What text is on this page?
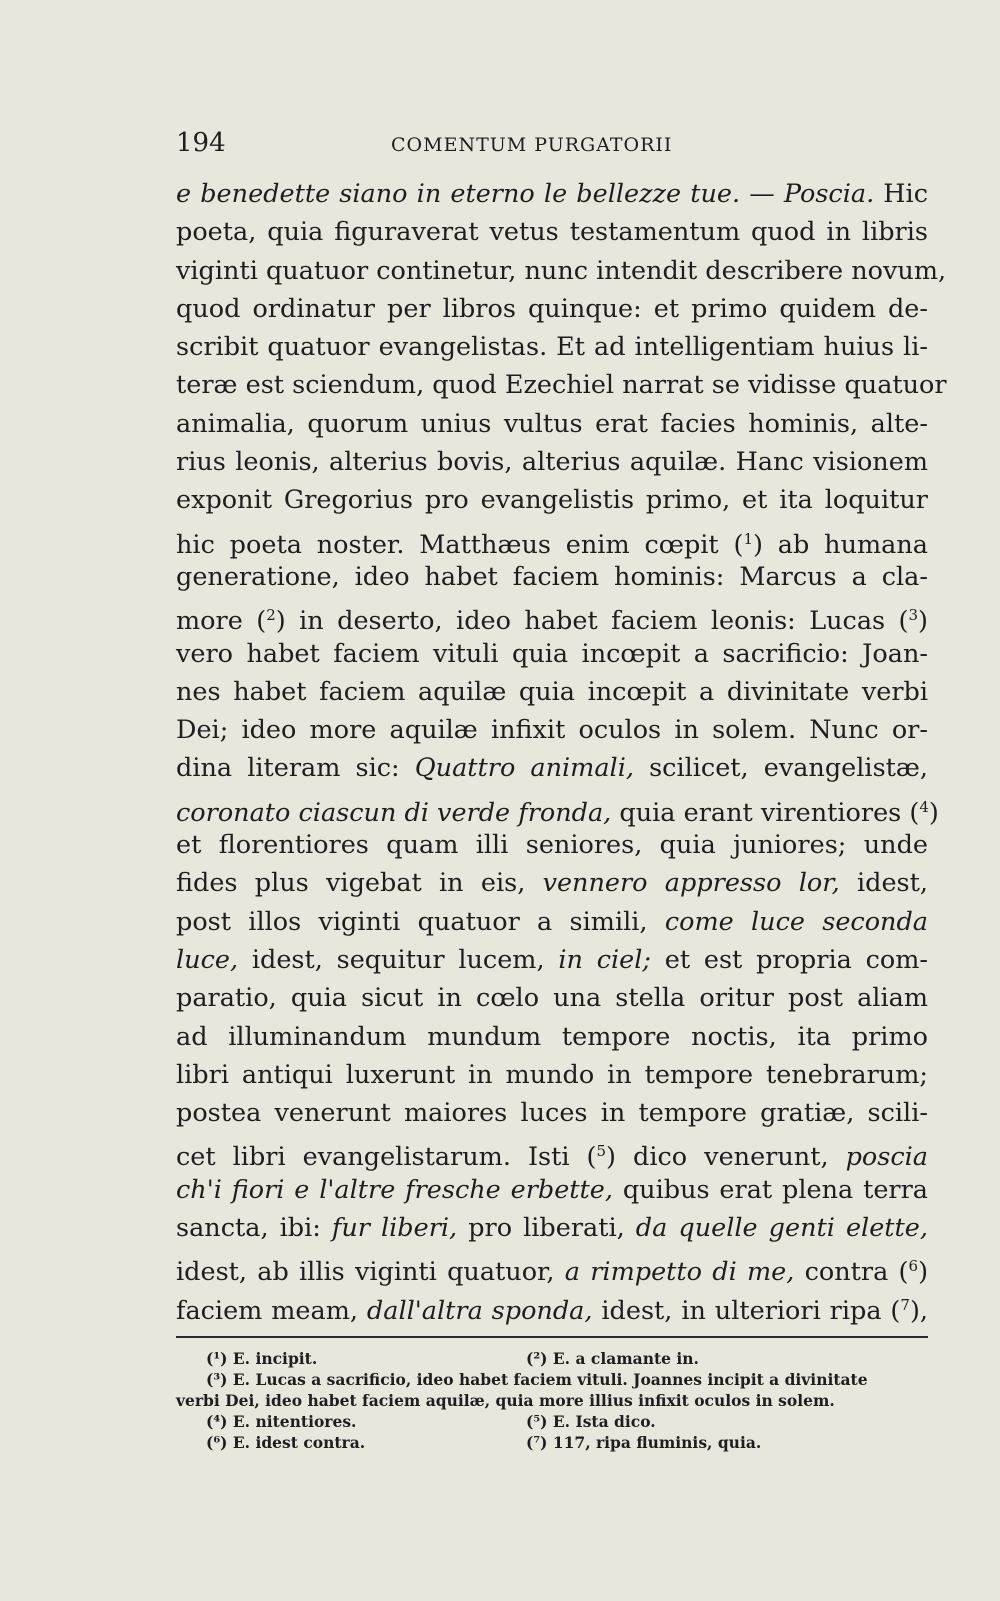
194	COMENTUM PURGATORII
e benedette siano in eterno le bellezze tue. — Poscia. Hic
poeta, quia figuraverat vetus testamentum quod in libris
viginti quatuor continetur, nunc intendit describere novum,
quod ordinatur per libros quinque: et primo quidem de-
scribit quatuor evangelistas. Et ad intelligentiam huius li-
teræ est sciendum, quod Ezechiel narrat se vidisse quatuor
animalia, quorum unius vultus erat facies hominis, alte-
rius leonis, alterius bovis, alterius aquilæ. Hanc visionem
exponit Gregorius pro evangelistis primo, et ita loquitur
hic poeta noster. Matthæus enim cœpit (1) ab humana
generatione, ideo habet faciem hominis: Marcus a cla-
more (2) in deserto, ideo habet faciem leonis: Lucas (3)
vero habet faciem vituli quia incœpit a sacrificio: Joan-
nes habet faciem aquilæ quia incœpit a divinitate verbi
Dei; ideo more aquilæ infixit oculos in solem. Nunc or-
dina literam sic: Quattro animali, scilicet, evangelistæ,
coronato ciascun di verde fronda, quia erant virentiores (4)
et florentiores quam illi seniores, quia juniores; unde
fides plus vigebat in eis, vennero appresso lor, idest,
post illos viginti quatuor a simili, come luce seconda
luce, idest, sequitur lucem, in ciel; et est propria com-
paratio, quia sicut in cœlo una stella oritur post aliam
ad illuminandum mundum tempore noctis, ita primo
libri antiqui luxerunt in mundo in tempore tenebrarum;
postea venerunt maiores luces in tempore gratiæ, scili-
cet libri evangelistarum. Isti (5) dico venerunt, poscia
ch'i fiori e l'altre fresche erbette, quibus erat plena terra
sancta, ibi: fur liberi, pro liberati, da quelle genti elette,
idest, ab illis viginti quatuor, a rimpetto di me, contra (6)
faciem meam, dall'altra sponda, idest, in ulteriori ripa (7),
(¹) E. incipit.	(²) E. a clamante in.
(³) E. Lucas a sacrificio, ideo habet faciem vituli. Joannes incipit a divinitate
verbi Dei, ideo habet faciem aquilæ, quia more illius infixit oculos in solem.
(⁴) E. nitentiores.	(⁵) E. Ista dico.
(⁶) E. idest contra.	(⁷) 117, ripa fluminis, quia.
